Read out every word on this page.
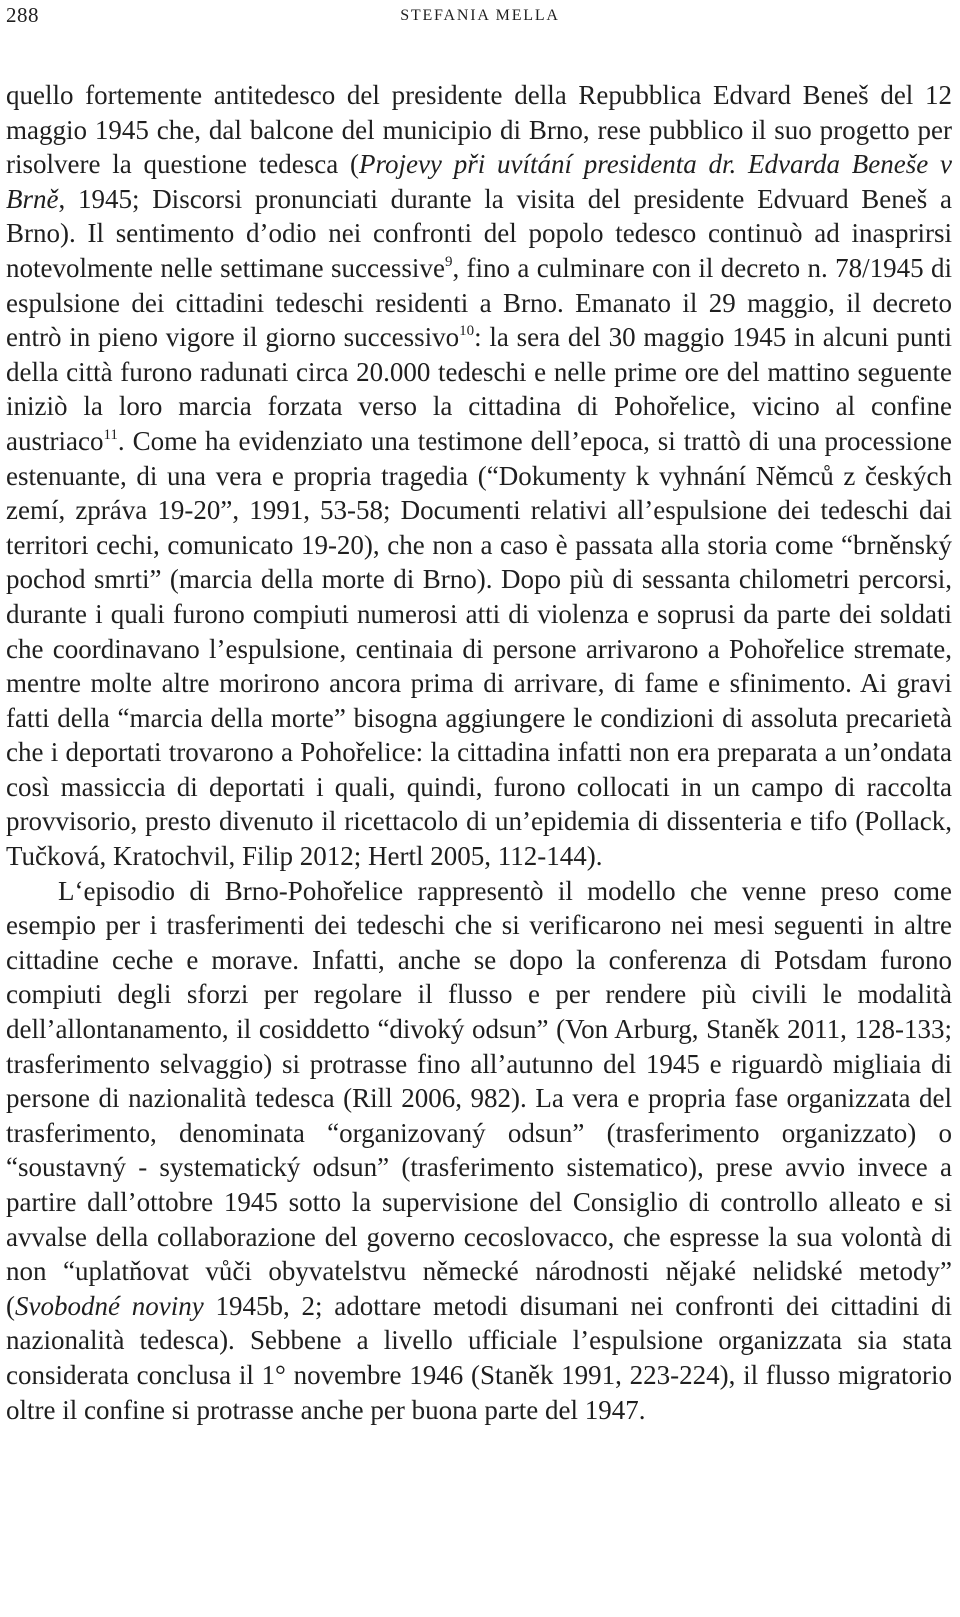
288	STEFANIA MELLA

quello fortemente antitedesco del presidente della Repubblica Edvard Beneš del 12 maggio 1945 che, dal balcone del municipio di Brno, rese pubblico il suo progetto per risolvere la questione tedesca (Projevy při uvítání presidenta dr. Edvarda Beneše v Brně, 1945; Discorsi pronunciati durante la visita del presidente Edvuard Beneš a Brno). Il sentimento d’odio nei confronti del popolo tedesco continuò ad inasprirsi notevolmente nelle settimane successive$^9$, fino a culminare con il decreto n. 78/1945 di espulsione dei cittadini tedeschi residenti a Brno. Emanato il 29 maggio, il decreto entrò in pieno vigore il giorno successivo$^{10}$: la sera del 30 maggio 1945 in alcuni punti della città furono radunati circa 20.000 tedeschi e nelle prime ore del mattino seguente iniziò la loro marcia forzata verso la cittadina di Pohořelice, vicino al confine austriaco$^{11}$. Come ha evidenziato una testimone dell’epoca, si trattò di una processione estenuante, di una vera e propria tragedia (“Dokumenty k vyhnání Němců z českých zemí, zpráva 19-20”, 1991, 53-58; Documenti relativi all’espulsione dei tedeschi dai territori cechi, comunicato 19-20), che non a caso è passata alla storia come “brněnský pochod smrti” (marcia della morte di Brno). Dopo più di sessanta chilometri percorsi, durante i quali furono compiuti numerosi atti di violenza e soprusi da parte dei soldati che coordinavano l’espulsione, centinaia di persone arrivarono a Pohořelice stremate, mentre molte altre morirono ancora prima di arrivare, di fame e sfinimento. Ai gravi fatti della “marcia della morte” bisogna aggiungere le condizioni di assoluta precarietà che i deportati trovarono a Pohořelice: la cittadina infatti non era preparata a un’ondata così massiccia di deportati i quali, quindi, furono collocati in un campo di raccolta provvisorio, presto divenuto il ricettacolo di un’epidemia di dissenteria e tifo (Pollack, Tučková, Kratochvil, Filip 2012; Hertl 2005, 112-144).

L‘episodio di Brno-Pohořelice rappresentò il modello che venne preso come esempio per i trasferimenti dei tedeschi che si verificarono nei mesi seguenti in altre cittadine ceche e morave. Infatti, anche se dopo la conferenza di Potsdam furono compiuti degli sforzi per regolare il flusso e per rendere più civili le modalità dell’allontanamento, il cosiddetto “divoký odsun” (Von Arburg, Staněk 2011, 128-133; trasferimento selvaggio) si protrasse fino all’autunno del 1945 e riguardò migliaia di persone di nazionalità tedesca (Rill 2006, 982). La vera e propria fase organizzata del trasferimento, denominata “organizovaný odsun” (trasferimento organizzato) o “soustavný - systematický odsun” (trasferimento sistematico), prese avvio invece a partire dall’ottobre 1945 sotto la supervisione del Consiglio di controllo alleato e si avvalse della collaborazione del governo cecoslovacco, che espresse la sua volontà di non “uplatňovat vůči obyvatelstvu německé národnosti nějaké nelidské metody” (Svobodné noviny 1945b, 2; adottare metodi disumani nei confronti dei cittadini di nazionalità tedesca). Sebbene a livello ufficiale l’espulsione organizzata sia stata considerata conclusa il 1° novembre 1946 (Staněk 1991, 223-224), il flusso migratorio oltre il confine si protrasse anche per buona parte del 1947.
